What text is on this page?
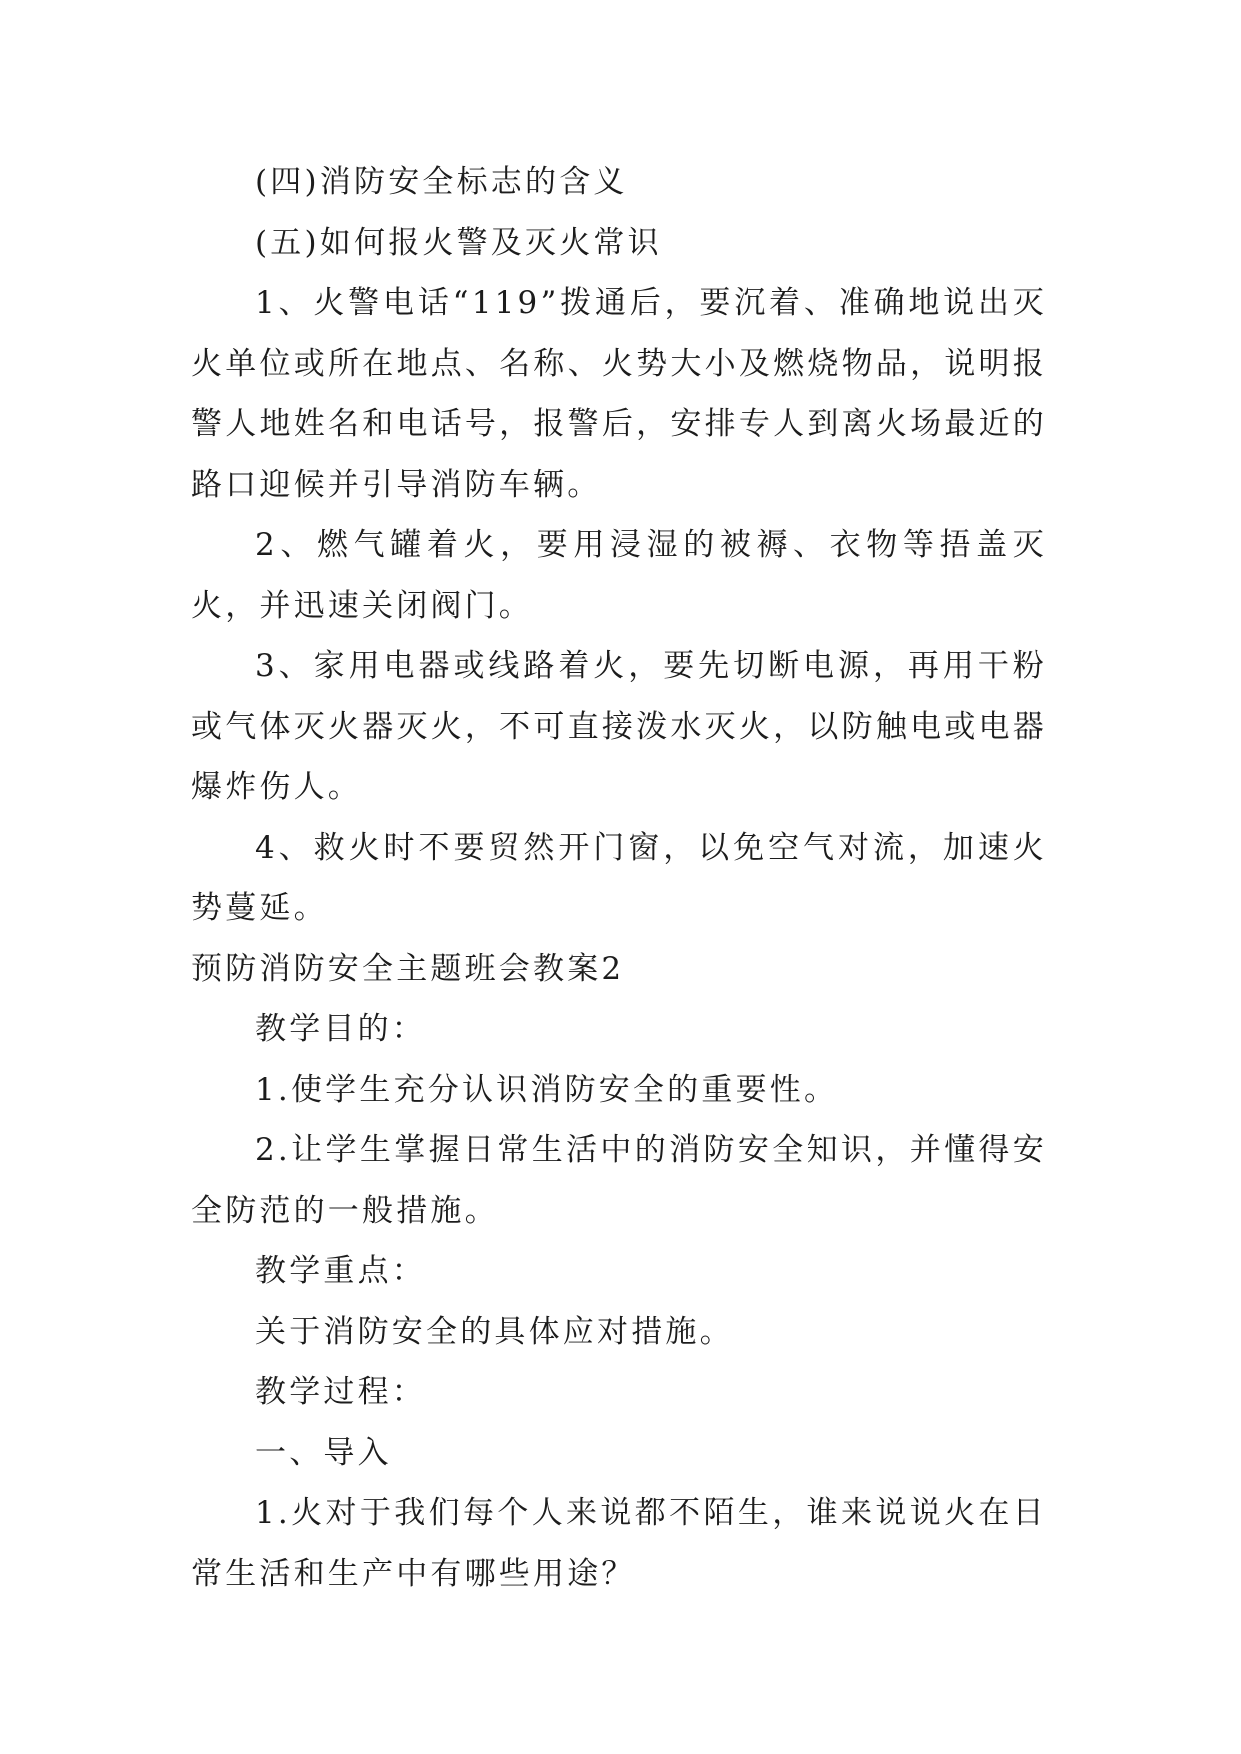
(四)消防安全标志的含义

(五)如何报火警及灭火常识

1、火警电话“119”拨通后，要沉着、准确地说出灭火单位或所在地点、名称、火势大小及燃烧物品，说明报警人地姓名和电话号，报警后，安排专人到离火场最近的路口迎候并引导消防车辆。

2、燃气罐着火，要用浸湿的被褥、衣物等捂盖灭火，并迅速关闭阀门。

3、家用电器或线路着火，要先切断电源，再用干粉或气体灭火器灭火，不可直接泼水灭火，以防触电或电器爆炸伤人。

4、救火时不要贸然开门窗，以免空气对流，加速火势蔓延。

预防消防安全主题班会教案2

教学目的：

1.使学生充分认识消防安全的重要性。

2.让学生掌握日常生活中的消防安全知识，并懂得安全防范的一般措施。

教学重点：

关于消防安全的具体应对措施。

教学过程：

一、导入

1.火对于我们每个人来说都不陌生，谁来说说火在日常生活和生产中有哪些用途？
